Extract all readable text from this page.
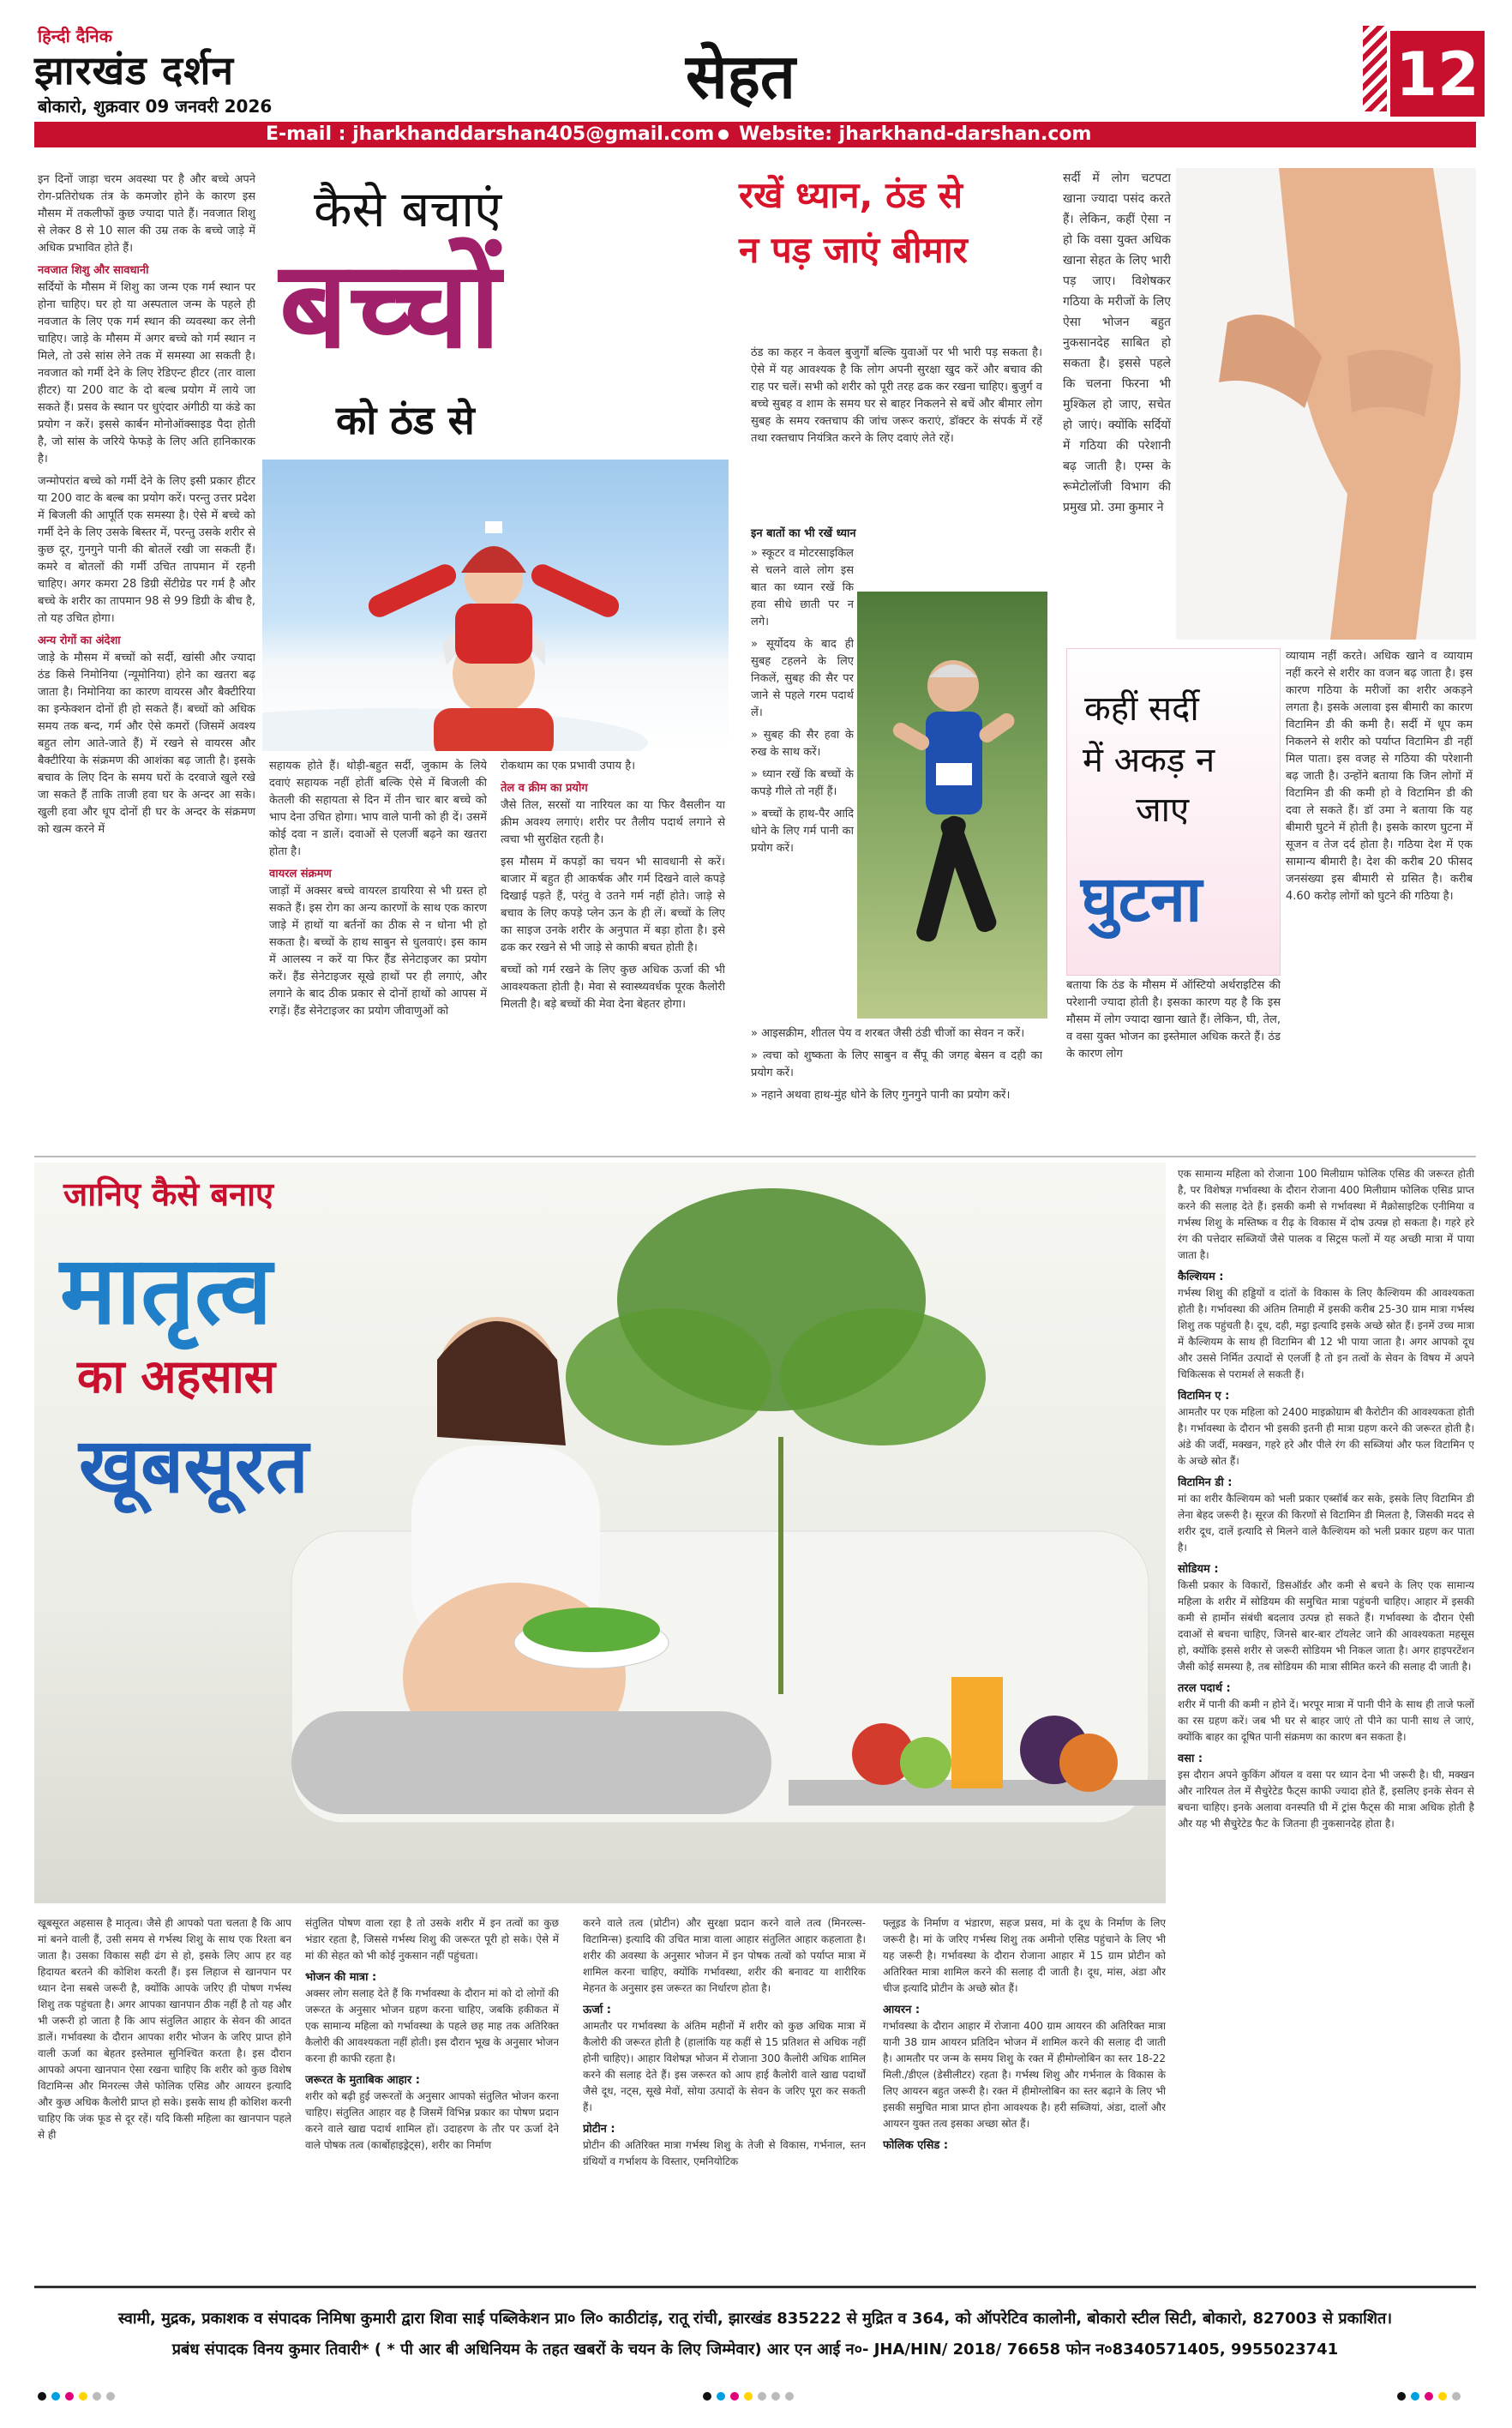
हिन्दी दैनिक
झारखंड दर्शन
बोकारो, शुक्रवार 09 जनवरी 2026	सेहत	12
E-mail : jharkhanddarshan405@gmail.com Website: jharkhand-darshan.com

इन दिनों जाड़ा चरम अवस्था पर है और बच्चे अपने रोग-प्रतिरोधक तंत्र के कमजोर होने के कारण इस मौसम में तकलीफों कुछ ज्यादा पाते हैं। नवजात शिशु से लेकर 8 से 10 साल की उम्र तक के बच्चे जाड़े में अधिक प्रभावित होते हैं।

नवजात शिशु और सावधानी

सर्दियों के मौसम में शिशु का जन्म एक गर्म स्थान पर होना चाहिए। घर हो या अस्पताल जन्म के पहले ही नवजात के लिए एक गर्म स्थान की व्यवस्था कर लेनी चाहिए। जाड़े के मौसम में अगर बच्चे को गर्म स्थान न मिले, तो उसे सांस लेने तक में समस्या आ सकती है। नवजात को गर्मी देने के लिए रेडिएन्ट हीटर (तार वाला हीटर) या 200 वाट के दो बल्ब प्रयोग में लाये जा सकते हैं। प्रसव के स्थान पर धुएंदार अंगीठी या कंडे का प्रयोग न करें। इससे कार्बन मोनोऑक्साइड पैदा होती है, जो सांस के जरिये फेफड़े के लिए अति हानिकारक है।

जन्मोपरांत बच्चे को गर्मी देने के लिए इसी प्रकार हीटर या 200 वाट के बल्ब का प्रयोग करें। परन्तु उत्तर प्रदेश में बिजली की आपूर्ति एक समस्या है। ऐसे में बच्चे को गर्मी देने के लिए उसके बिस्तर में, परन्तु उसके शरीर से कुछ दूर, गुनगुने पानी की बोतलें रखी जा सकती हैं। कमरे व बोतलों की गर्मी उचित तापमान में रहनी चाहिए। अगर कमरा 28 डिग्री सेंटीग्रेड पर गर्म है और बच्चे के शरीर का तापमान 98 से 99 डिग्री के बीच है, तो यह उचित होगा।

अन्य रोगों का अंदेशा

जाड़े के मौसम में बच्चों को सर्दी, खांसी और ज्यादा ठंड किसे निमोनिया (न्यूमोनिया) होने का खतरा बढ़ जाता है। निमोनिया का कारण वायरस और बैक्टीरिया का इन्फेक्शन दोनों ही हो सकते हैं। बच्चों को अधिक समय तक बन्द, गर्म और ऐसे कमरों (जिसमें अवश्य बहुत लोग आते-जाते हैं) में रखने से वायरस और बैक्टीरिया के संक्रमण की आशंका बढ़ जाती है। इसके बचाव के लिए दिन के समय घरों के दरवाजे खुले रखे जा सकते हैं ताकि ताजी हवा घर के अन्दर आ सके। खुली हवा और धूप दोनों ही घर के अन्दर के संक्रमण को खत्म करने में

कैसे बचाएं
बच्चों
को ठंड से

सहायक होते हैं। थोड़ी-बहुत सर्दी, जुकाम के लिये दवाएं सहायक नहीं होतीं बल्कि ऐसे में बिजली की केतली की सहायता से दिन में तीन चार बार बच्चे को भाप देना उचित होगा। भाप वाले पानी को ही दें। उसमें कोई दवा न डालें। दवाओं से एलर्जी बढ़ने का खतरा होता है।

वायरल संक्रमण

जाड़ों में अक्सर बच्चे वायरल डायरिया से भी ग्रस्त हो सकते हैं। इस रोग का अन्य कारणों के साथ एक कारण जाड़े में हाथों या बर्तनों का ठीक से न धोना भी हो सकता है। बच्चों के हाथ साबुन से धुलवाएं। इस काम में आलस्य न करें या फिर हैंड सेनेटाइजर का प्रयोग करें। हैंड सेनेटाइजर सूखे हाथों पर ही लगाएं, और लगाने के बाद ठीक प्रकार से दोनों हाथों को आपस में रगड़ें। हैंड सेनेटाइजर का प्रयोग जीवाणुओं को

रोकथाम का एक प्रभावी उपाय है।

तेल व क्रीम का प्रयोग

जैसे तिल, सरसों या नारियल का या फिर वैसलीन या क्रीम अवश्य लगाएं। शरीर पर तैलीय पदार्थ लगाने से त्वचा भी सुरक्षित रहती है।

इस मौसम में कपड़ों का चयन भी सावधानी से करें। बाजार में बहुत ही आकर्षक और गर्म दिखने वाले कपड़े दिखाई पड़ते हैं, परंतु वे उतने गर्म नहीं होते। जाड़े से बचाव के लिए कपड़े प्लेन ऊन के ही लें। बच्चों के लिए का साइज उनके शरीर के अनुपात में बड़ा होता है। इसे ढक कर रखने से भी जाड़े से काफी बचत होती है।

बच्चों को गर्म रखने के लिए कुछ अधिक ऊर्जा की भी आवश्यकता होती है। मेवा से स्वास्थ्यवर्धक पूरक कैलोरी मिलती है। बड़े बच्चों की मेवा देना बेहतर होगा।

रखें ध्यान, ठंड से
न पड़ जाएं बीमार
ठंड का कहर न केवल बुजुर्गों बल्कि युवाओं पर भी भारी पड़ सकता है। ऐसे में यह आवश्यक है कि लोग अपनी सुरक्षा खुद करें और बचाव की राह पर चलें। सभी को शरीर को पूरी तरह ढक कर रखना चाहिए। बुजुर्ग व बच्चे सुबह व शाम के समय घर से बाहर निकलने से बचें और बीमार लोग सुबह के समय रक्तचाप की जांच जरूर कराएं, डॉक्टर के संपर्क में रहें तथा रक्तचाप नियंत्रित करने के लिए दवाएं लेते रहें।
इन बातों का भी रखें ध्यान

» स्कूटर व मोटरसाइकिल से चलने वाले लोग इस बात का ध्यान रखें कि हवा सीधे छाती पर न लगे।

» सूर्योदय के बाद ही सुबह टहलने के लिए निकलें, सुबह की सैर पर जाने से पहले गरम पदार्थ लें।

» सुबह की सैर हवा के रुख के साथ करें।

» ध्यान रखें कि बच्चों के कपड़े गीले तो नहीं हैं।

» बच्चों के हाथ-पैर आदि धोने के लिए गर्म पानी का प्रयोग करें।

» आइसक्रीम, शीतल पेय व शरबत जैसी ठंडी चीजों का सेवन न करें।

» त्वचा को शुष्कता के लिए साबुन व सैंपू की जगह बेसन व दही का प्रयोग करें।

» नहाने अथवा हाथ-मुंह धोने के लिए गुनगुने पानी का प्रयोग करें।

सर्दी में लोग चटपटा खाना ज्यादा पसंद करते हैं। लेकिन, कहीं ऐसा न हो कि वसा युक्त अधिक खाना सेहत के लिए भारी पड़ जाए। विशेषकर गठिया के मरीजों के लिए ऐसा भोजन बहुत नुकसानदेह साबित हो सकता है। इससे पहले कि चलना फिरना भी मुश्किल हो जाए, सचेत हो जाएं। क्योंकि सर्दियों में गठिया की परेशानी बढ़ जाती है। एम्स के रूमेटोलॉजी विभाग की प्रमुख प्रो. उमा कुमार ने
कहीं सर्दी
में अकड़ न
जाए
घुटना
व्यायाम नहीं करते। अधिक खाने व व्यायाम नहीं करने से शरीर का वजन बढ़ जाता है। इस कारण गठिया के मरीजों का शरीर अकड़ने लगता है। इसके अलावा इस बीमारी का कारण विटामिन डी की कमी है। सर्दी में धूप कम निकलने से शरीर को पर्याप्त विटामिन डी नहीं मिल पाता। इस वजह से गठिया की परेशानी बढ़ जाती है। उन्होंने बताया कि जिन लोगों में विटामिन डी की कमी हो वे विटामिन डी की दवा ले सकते हैं। डॉ उमा ने बताया कि यह बीमारी घुटने में होती है। इसके कारण घुटना में सूजन व तेज दर्द होता है। गठिया देश में एक सामान्य बीमारी है। देश की करीब 20 फीसद जनसंख्या इस बीमारी से ग्रसित है। करीब 4.60 करोड़ लोगों को घुटने की गठिया है।
बताया कि ठंड के मौसम में ऑस्टियो अर्थराइटिस की परेशानी ज्यादा होती है। इसका कारण यह है कि इस मौसम में लोग ज्यादा खाना खाते हैं। लेकिन, घी, तेल, व वसा युक्त भोजन का इस्तेमाल अधिक करते हैं। ठंड के कारण लोग
जानिए कैसे बनाए
मातृत्व
का अहसास
खूबसूरत

एक सामान्य महिला को रोजाना 100 मिलीग्राम फोलिक एसिड की जरूरत होती है, पर विशेषज्ञ गर्भावस्था के दौरान रोजाना 400 मिलीग्राम फोलिक एसिड प्राप्त करने की सलाह देते हैं। इसकी कमी से गर्भावस्था में मैक्रोसाइटिक एनीमिया व गर्भस्थ शिशु के मस्तिष्क व रीढ़ के विकास में दोष उत्पन्न हो सकता है। गहरे हरे रंग की पत्तेदार सब्जियों जैसे पालक व सिट्रस फलों में यह अच्छी मात्रा में पाया जाता है।

कैल्शियम :

गर्भस्थ शिशु की हड्डियों व दांतों के विकास के लिए कैल्शियम की आवश्यकता होती है। गर्भावस्था की अंतिम तिमाही में इसकी करीब 25-30 ग्राम मात्रा गर्भस्थ शिशु तक पहुंचती है। दूध, दही, मट्ठा इत्यादि इसके अच्छे स्रोत हैं। इनमें उच्च मात्रा में कैल्शियम के साथ ही विटामिन बी 12 भी पाया जाता है। अगर आपको दूध और उससे निर्मित उत्पादों से एलर्जी है तो इन तत्वों के सेवन के विषय में अपने चिकित्सक से परामर्श ले सकती हैं।

विटामिन ए :

आमतौर पर एक महिला को 2400 माइक्रोग्राम बी कैरोटीन की आवश्यकता होती है। गर्भावस्था के दौरान भी इसकी इतनी ही मात्रा ग्रहण करने की जरूरत होती है। अंडे की जर्दी, मक्खन, गहरे हरे और पीले रंग की सब्जियां और फल विटामिन ए के अच्छे स्रोत हैं।

विटामिन डी :

मां का शरीर कैल्शियम को भली प्रकार एब्सॉर्ब कर सके, इसके लिए विटामिन डी लेना बेहद जरूरी है। सूरज की किरणों से विटामिन डी मिलता है, जिसकी मदद से शरीर दूध, दालें इत्यादि से मिलने वाले कैल्शियम को भली प्रकार ग्रहण कर पाता है।

सोडियम :

किसी प्रकार के विकारों, डिसऑर्डर और कमी से बचने के लिए एक सामान्य महिला के शरीर में सोडियम की समुचित मात्रा पहुंचनी चाहिए। आहार में इसकी कमी से हार्मोन संबंधी बदलाव उत्पन्न हो सकते हैं। गर्भावस्था के दौरान ऐसी दवाओं से बचना चाहिए, जिनसे बार-बार टॉयलेट जाने की आवश्यकता महसूस हो, क्योंकि इससे शरीर से जरूरी सोडियम भी निकल जाता है। अगर हाइपरटेंशन जैसी कोई समस्या है, तब सोडियम की मात्रा सीमित करने की सलाह दी जाती है।

तरल पदार्थ :

शरीर में पानी की कमी न होने दें। भरपूर मात्रा में पानी पीने के साथ ही ताजे फलों का रस ग्रहण करें। जब भी घर से बाहर जाएं तो पीने का पानी साथ ले जाएं, क्योंकि बाहर का दूषित पानी संक्रमण का कारण बन सकता है।

वसा :

इस दौरान अपने कुकिंग ऑयल व वसा पर ध्यान देना भी जरूरी है। घी, मक्खन और नारियल तेल में सैचुरेटेड फैट्स काफी ज्यादा होते हैं, इसलिए इनके सेवन से बचना चाहिए। इनके अलावा वनस्पति घी में ट्रांस फैट्स की मात्रा अधिक होती है और यह भी सैचुरेटेड फैट के जितना ही नुकसानदेह होता है।

खूबसूरत अहसास है मातृत्व। जैसे ही आपको पता चलता है कि आप मां बनने वाली हैं, उसी समय से गर्भस्थ शिशु के साथ एक रिश्ता बन जाता है। उसका विकास सही ढंग से हो, इसके लिए आप हर वह हिदायत बरतने की कोशिश करती हैं। इस लिहाज से खानपान पर ध्यान देना सबसे जरूरी है, क्योंकि आपके जरिए ही पोषण गर्भस्थ शिशु तक पहुंचता है। अगर आपका खानपान ठीक नहीं है तो यह और भी जरूरी हो जाता है कि आप संतुलित आहार के सेवन की आदत डालें। गर्भावस्था के दौरान आपका शरीर भोजन के जरिए प्राप्त होने वाली ऊर्जा का बेहतर इस्तेमाल सुनिश्चित करता है। इस दौरान आपको अपना खानपान ऐसा रखना चाहिए कि शरीर को कुछ विशेष विटामिन्स और मिनरल्स जैसे फोलिक एसिड और आयरन इत्यादि और कुछ अधिक कैलोरी प्राप्त हो सके। इसके साथ ही कोशिश करनी चाहिए कि जंक फूड से दूर रहें। यदि किसी महिला का खानपान पहले से ही

संतुलित पोषण वाला रहा है तो उसके शरीर में इन तत्वों का कुछ भंडार रहता है, जिससे गर्भस्थ शिशु की जरूरत पूरी हो सके। ऐसे में मां की सेहत को भी कोई नुकसान नहीं पहुंचता।

भोजन की मात्रा :

अक्सर लोग सलाह देते हैं कि गर्भावस्था के दौरान मां को दो लोगों की जरूरत के अनुसार भोजन ग्रहण करना चाहिए, जबकि हकीकत में एक सामान्य महिला को गर्भावस्था के पहले छह माह तक अतिरिक्त कैलोरी की आवश्यकता नहीं होती। इस दौरान भूख के अनुसार भोजन करना ही काफी रहता है।

जरूरत के मुताबिक आहार :

शरीर को बढ़ी हुई जरूरतों के अनुसार आपको संतुलित भोजन करना चाहिए। संतुलित आहार वह है जिसमें विभिन्न प्रकार का पोषण प्रदान करने वाले खाद्य पदार्थ शामिल हों। उदाहरण के तौर पर ऊर्जा देने वाले पोषक तत्व (कार्बोहाइड्रेट्स), शरीर का निर्माण

करने वाले तत्व (प्रोटीन) और सुरक्षा प्रदान करने वाले तत्व (मिनरल्स-विटामिन्स) इत्यादि की उचित मात्रा वाला आहार संतुलित आहार कहलाता है। शरीर की अवस्था के अनुसार भोजन में इन पोषक तत्वों को पर्याप्त मात्रा में शामिल करना चाहिए, क्योंकि गर्भावस्था, शरीर की बनावट या शारीरिक मेहनत के अनुसार इस जरूरत का निर्धारण होता है।

ऊर्जा :

आमतौर पर गर्भावस्था के अंतिम महीनों में शरीर को कुछ अधिक मात्रा में कैलोरी की जरूरत होती है (हालांकि यह कहीं से 15 प्रतिशत से अधिक नहीं होनी चाहिए)। आहार विशेषज्ञ भोजन में रोजाना 300 कैलोरी अधिक शामिल करने की सलाह देते हैं। इस जरूरत को आप हाई कैलोरी वाले खाद्य पदार्थों जैसे दूध, नट्स, सूखे मेवों, सोया उत्पादों के सेवन के जरिए पूरा कर सकती हैं।

प्रोटीन :

प्रोटीन की अतिरिक्त मात्रा गर्भस्थ शिशु के तेजी से विकास, गर्भनाल, स्तन ग्रंथियों व गर्भाशय के विस्तार, एमनियोटिक

फ्लूइड के निर्माण व भंडारण, सहज प्रसव, मां के दूध के निर्माण के लिए जरूरी है। मां के जरिए गर्भस्थ शिशु तक अमीनो एसिड पहुंचाने के लिए भी यह जरूरी है। गर्भावस्था के दौरान रोजाना आहार में 15 ग्राम प्रोटीन को अतिरिक्त मात्रा शामिल करने की सलाह दी जाती है। दूध, मांस, अंडा और चीज इत्यादि प्रोटीन के अच्छे स्रोत हैं।

आयरन :

गर्भावस्था के दौरान आहार में रोजाना 400 ग्राम आयरन की अतिरिक्त मात्रा यानी 38 ग्राम आयरन प्रतिदिन भोजन में शामिल करने की सलाह दी जाती है। आमतौर पर जन्म के समय शिशु के रक्त में हीमोग्लोबिन का स्तर 18-22 मिली./डीएल (डेसीलीटर) रहता है। गर्भस्थ शिशु और गर्भनाल के विकास के लिए आयरन बहुत जरूरी है। रक्त में हीमोग्लोबिन का स्तर बढ़ाने के लिए भी इसकी समुचित मात्रा प्राप्त होना आवश्यक है। हरी सब्जियां, अंडा, दालों और आयरन युक्त तत्व इसका अच्छा स्रोत हैं।

फोलिक एसिड :
स्वामी, मुद्रक, प्रकाशक व संपादक निमिषा कुमारी द्वारा शिवा साई पब्लिकेशन प्रा० लि० काठीटांड़, रातू रांची, झारखंड 835222 से मुद्रित व 364, को ऑपरेटिव कालोनी, बोकारो स्टील सिटी, बोकारो, 827003 से प्रकाशित।
प्रबंध संपादक विनय कुमार तिवारी* ( * पी आर बी अधिनियम के तहत खबरों के चयन के लिए जिम्मेवार) आर एन आई न०- JHA/HIN/ 2018/ 76658 फोन न०8340571405, 9955023741
